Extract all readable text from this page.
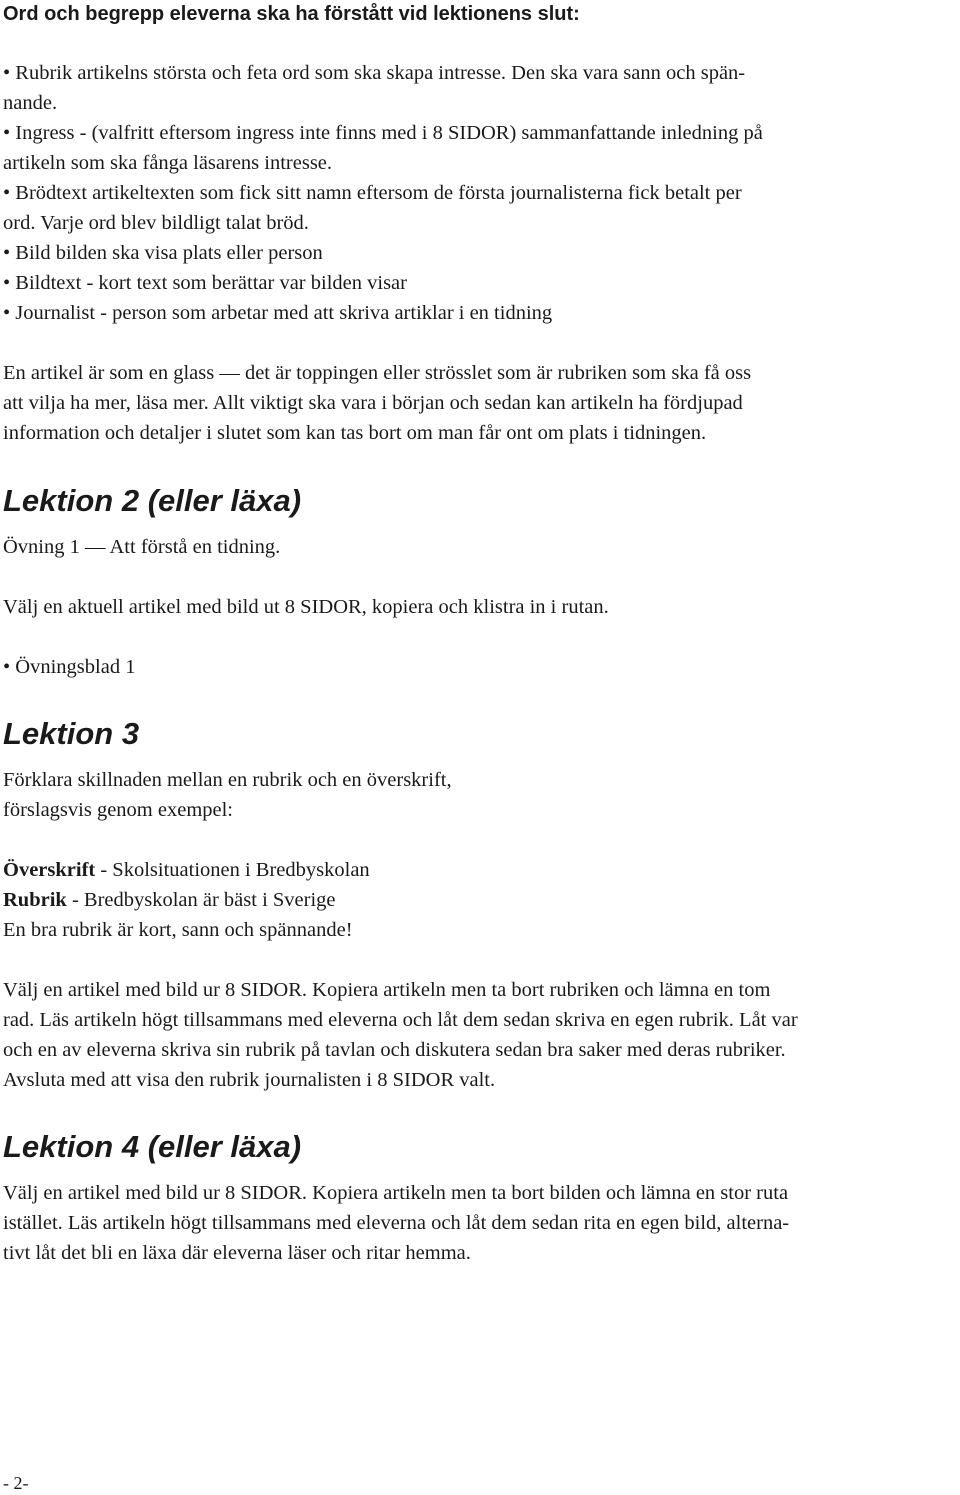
Ord och begrepp eleverna ska ha förstått vid lektionens slut:
• Rubrik artikelns största och feta ord som ska skapa intresse. Den ska vara sann och spän-
nande.
• Ingress - (valfritt eftersom ingress inte finns med i 8 SIDOR) sammanfattande inledning på
artikeln som ska fånga läsarens intresse.
• Brödtext artikeltexten som fick sitt namn eftersom de första journalisterna fick betalt per
ord. Varje ord blev bildligt talat bröd.
• Bild bilden ska visa plats eller person
• Bildtext - kort text som berättar var bilden visar
• Journalist - person som arbetar med att skriva artiklar i en tidning
En artikel är som en glass — det är toppingen eller strösslet som är rubriken som ska få oss
att vilja ha mer, läsa mer. Allt viktigt ska vara i början och sedan kan artikeln ha fördjupad
information och detaljer i slutet som kan tas bort om man får ont om plats i tidningen.
Lektion 2 (eller läxa)
Övning 1 — Att förstå en tidning.
Välj en aktuell artikel med bild ut 8 SIDOR, kopiera och klistra in i rutan.
• Övningsblad 1
Lektion 3
Förklara skillnaden mellan en rubrik och en överskrift,
förslagsvis genom exempel:
Överskrift - Skolsituationen i Bredbyskolan
Rubrik - Bredbyskolan är bäst i Sverige
En bra rubrik är kort, sann och spännande!
Välj en artikel med bild ur 8 SIDOR. Kopiera artikeln men ta bort rubriken och lämna en tom
rad. Läs artikeln högt tillsammans med eleverna och låt dem sedan skriva en egen rubrik. Låt var
och en av eleverna skriva sin rubrik på tavlan och diskutera sedan bra saker med deras rubriker.
Avsluta med att visa den rubrik journalisten i 8 SIDOR valt.
Lektion 4 (eller läxa)
Välj en artikel med bild ur 8 SIDOR. Kopiera artikeln men ta bort bilden och lämna en stor ruta
istället. Läs artikeln högt tillsammans med eleverna och låt dem sedan rita en egen bild, alterna-
tivt låt det bli en läxa där eleverna läser och ritar hemma.
- 2-
